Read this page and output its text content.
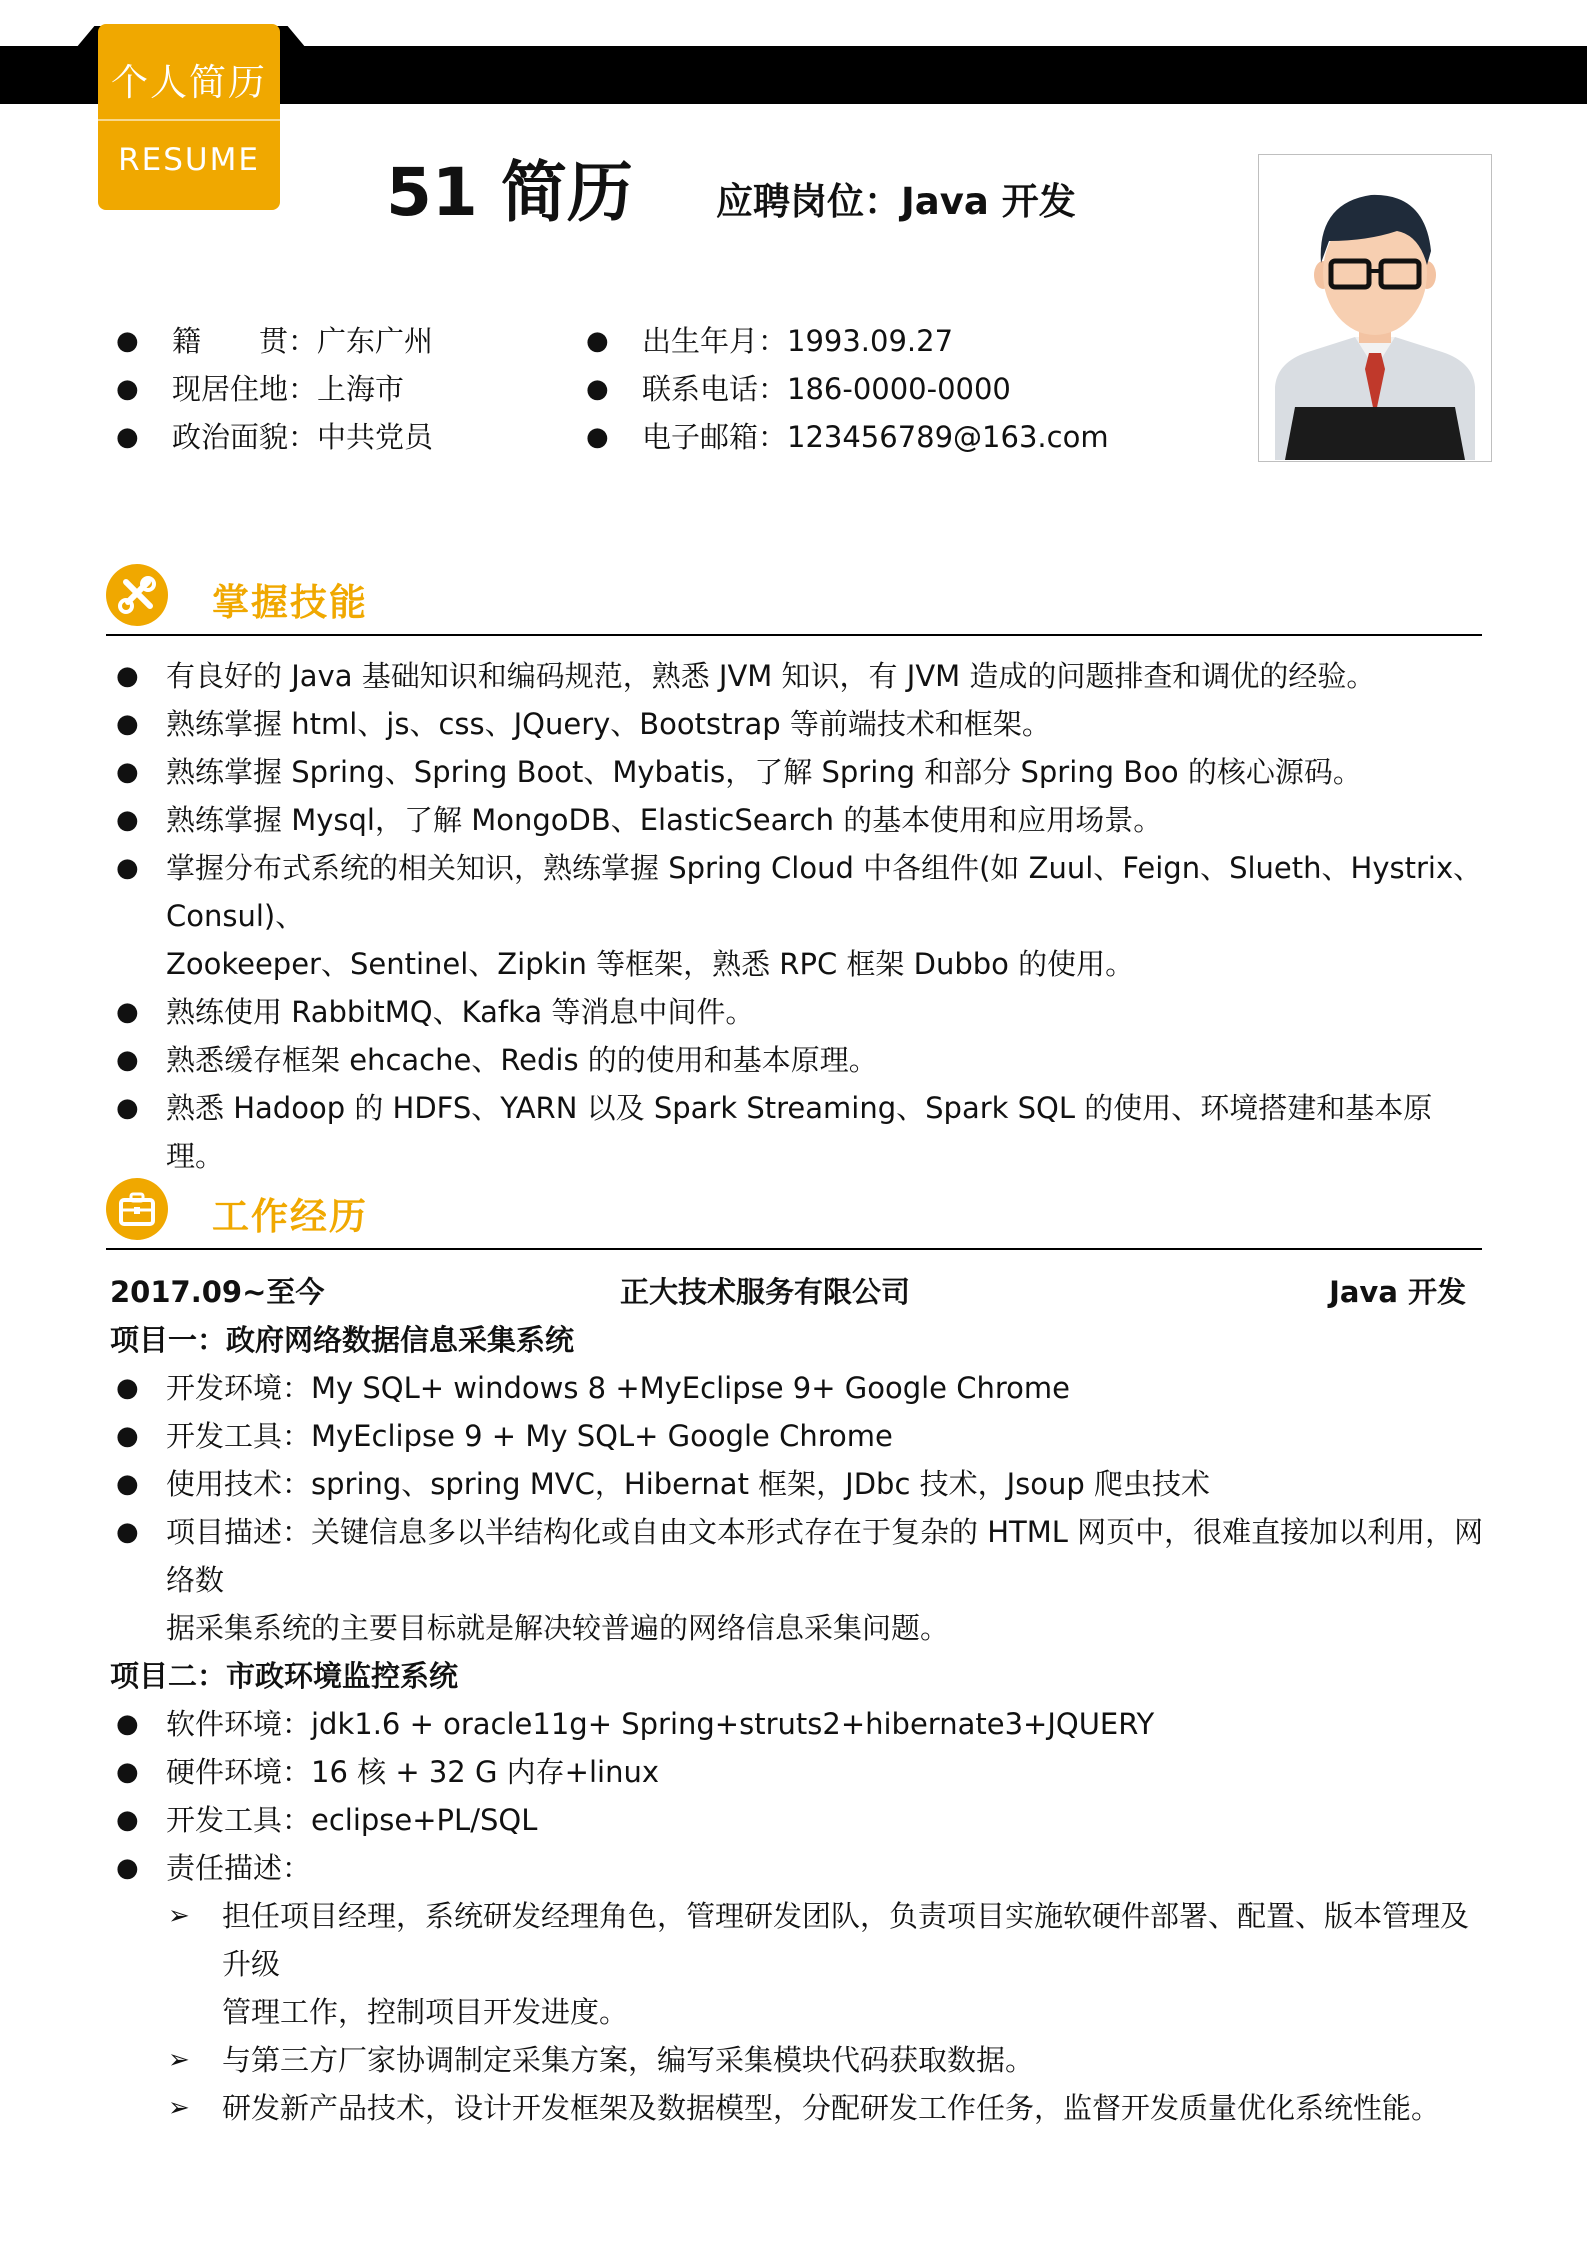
个人简历
RESUME	51 简历 应聘岗位：Java 开发
● 籍　　贯：广东广州
● 现居住地：上海市
● 政治面貌：中共党员
● 出生年月：1993.09.27
● 联系电话：186-0000-0000
● 电子邮箱：123456789@163.com
掌握技能
● 有良好的 Java 基础知识和编码规范，熟悉 JVM 知识，有 JVM 造成的问题排查和调优的经验。
● 熟练掌握 html、js、css、JQuery、Bootstrap 等前端技术和框架。
● 熟练掌握 Spring、Spring Boot、Mybatis，了解 Spring 和部分 Spring Boo 的核心源码。
● 熟练掌握 Mysql，了解 MongoDB、ElasticSearch 的基本使用和应用场景。
● 掌握分布式系统的相关知识，熟练掌握 Spring Cloud 中各组件(如 Zuul、Feign、Slueth、Hystrix、Consul)、
Zookeeper、Sentinel、Zipkin 等框架，熟悉 RPC 框架 Dubbo 的使用。
● 熟练使用 RabbitMQ、Kafka 等消息中间件。
● 熟悉缓存框架 ehcache、Redis 的的使用和基本原理。
● 熟悉 Hadoop 的 HDFS、YARN 以及 Spark Streaming、Spark SQL 的使用、环境搭建和基本原理。
工作经历
2017.09~至今	正大技术服务有限公司	Java 开发
项目一：政府网络数据信息采集系统
● 开发环境：My SQL+ windows 8 +MyEclipse 9+ Google Chrome
● 开发工具：MyEclipse 9 + My SQL+ Google Chrome
● 使用技术：spring、spring MVC，Hibernat 框架，JDbc 技术，Jsoup 爬虫技术
● 项目描述：关键信息多以半结构化或自由文本形式存在于复杂的 HTML 网页中，很难直接加以利用，网络数
据采集系统的主要目标就是解决较普遍的网络信息采集问题。
项目二：市政环境监控系统
● 软件环境：jdk1.6 + oracle11g+ Spring+struts2+hibernate3+JQUERY
● 硬件环境：16 核 + 32 G 内存+linux
● 开发工具：eclipse+PL/SQL
● 责任描述：
➢ 担任项目经理，系统研发经理角色，管理研发团队，负责项目实施软硬件部署、配置、版本管理及升级
管理工作，控制项目开发进度。
➢ 与第三方厂家协调制定采集方案，编写采集模块代码获取数据。
➢ 研发新产品技术，设计开发框架及数据模型，分配研发工作任务，监督开发质量优化系统性能。
